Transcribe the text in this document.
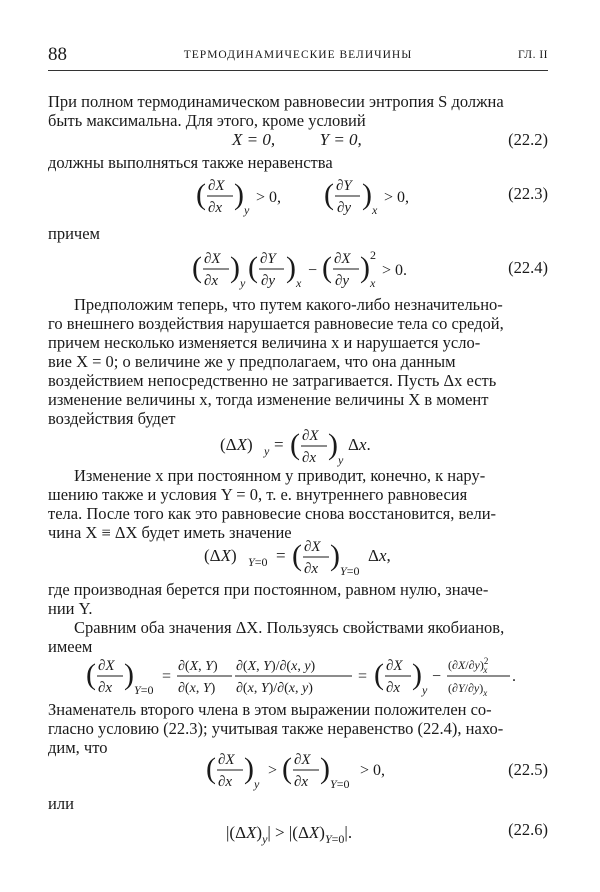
88	ТЕРМОДИНАМИЧЕСКИЕ ВЕЛИЧИНЫ	ГЛ. II
При полном термодинамическом равновесии энтропия S должна
быть максимальна. Для этого, кроме условий
X = 0,	Y = 0,	(22.2)
должны выполняться также неравенства
( ∂X
∂x ) y
> 0, ( ∂Y
∂y ) x
> 0,	(22.3)
причем
( ∂X
∂x ) y ( ∂Y
∂y ) x
− ( ∂X
∂y ) 2
x
> 0.	(22.4)
Предположим теперь, что путем какого-либо незначительно-
го внешнего воздействия нарушается равновесие тела со средой,
причем несколько изменяется величина x и нарушается усло-
вие X = 0; о величине же y предполагаем, что она данным
воздействием непосредственно не затрагивается. Пусть Δx есть
изменение величины x, тогда изменение величины X в момент
воздействия будет
(ΔX) y = ( ∂X
∂x ) y
Δx.
Изменение x при постоянном y приводит, конечно, к нару-
шению также и условия Y = 0, т. е. внутреннего равновесия
тела. После того как это равновесие снова восстановится, вели-
чина X ≡ ΔX будет иметь значение
(ΔX) Y=0 = ( ∂X
∂x ) Y=0
Δx,
где производная берется при постоянном, равном нулю, значе-
нии Y.
Сравним оба значения ΔX. Пользуясь свойствами якобианов,
имеем
( ∂X
∂x ) Y=0
=
∂(X, Y)
∂(x, Y)
∂(X, Y)/∂(x, y)
∂(x, Y)/∂(x, y)
= ( ∂X
∂x ) y
−
$(\partial X/\partial y)^2$ x
$(\partial Y/\partial y)_x$
.
Знаменатель второго члена в этом выражении положителен со-
гласно условию (22.3); учитывая также неравенство (22.4), нахо-
дим, что
( ∂X
∂x ) y
> ( ∂X
∂x ) Y=0
> 0,	(22.5)
или
$|(\Delta X)_y| > |(\Delta X)_Y=0|$.	(22.6)
